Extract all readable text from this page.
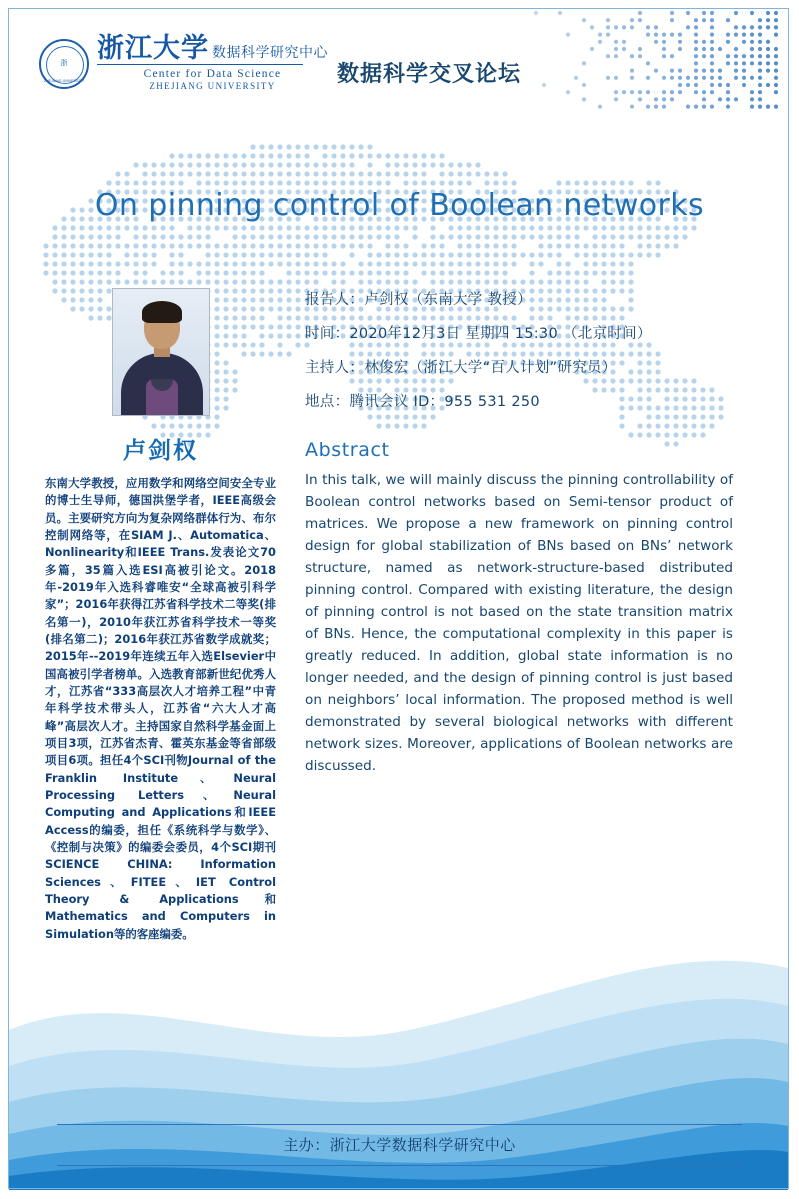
浙
ZHEJIANG UNIVERSITY
浙江大学 数据科学研究中心
Center for Data Science
ZHEJIANG UNIVERSITY	数据科学交叉论坛
On pinning control of Boolean networks
卢剑权
东南大学教授，应用数学和网络空间安全专业的博士生导师，德国洪堡学者，IEEE高级会员。主要研究方向为复杂网络群体行为、布尔控制网络等，在SIAM J.、Automatica、Nonlinearity和IEEE Trans.发表论文70多篇，35篇入选ESI高被引论文。2018年-2019年入选科睿唯安“全球高被引科学家”；2016年获得江苏省科学技术二等奖(排名第一)，2010年获江苏省科学技术一等奖(排名第二)；2016年获江苏省数学成就奖；2015年--2019年连续五年入选Elsevier中国高被引学者榜单。入选教育部新世纪优秀人才，江苏省“333高层次人才培养工程”中青年科学技术带头人，江苏省“六大人才高峰”高层次人才。主持国家自然科学基金面上项目3项，江苏省杰青、霍英东基金等省部级项目6项。担任4个SCI刊物Journal of the Franklin Institute、Neural Processing Letters、Neural Computing and Applications和IEEE Access的编委，担任《系统科学与数学》、《控制与决策》的编委会委员，4个SCI期刊SCIENCE CHINA: Information Sciences、FITEE、IET Control Theory & Applications和Mathematics and Computers in Simulation等的客座编委。
报告人：卢剑权（东南大学 教授）
时间：2020年12月3日 星期四 15:30 （北京时间）
主持人：林俊宏（浙江大学“百人计划”研究员）
地点：腾讯会议 ID：955 531 250
Abstract
In this talk, we will mainly discuss the pinning controllability of Boolean control networks based on Semi-tensor product of matrices. We propose a new framework on pinning control design for global stabilization of BNs based on BNs’ network structure, named as network-structure-based distributed pinning control. Compared with existing literature, the design of pinning control is not based on the state transition matrix of BNs. Hence, the computational complexity in this paper is greatly reduced. In addition, global state information is no longer needed, and the design of pinning control is just based on neighbors’ local information. The proposed method is well demonstrated by several biological networks with different network sizes. Moreover, applications of Boolean networks are discussed.
主办：浙江大学数据科学研究中心
